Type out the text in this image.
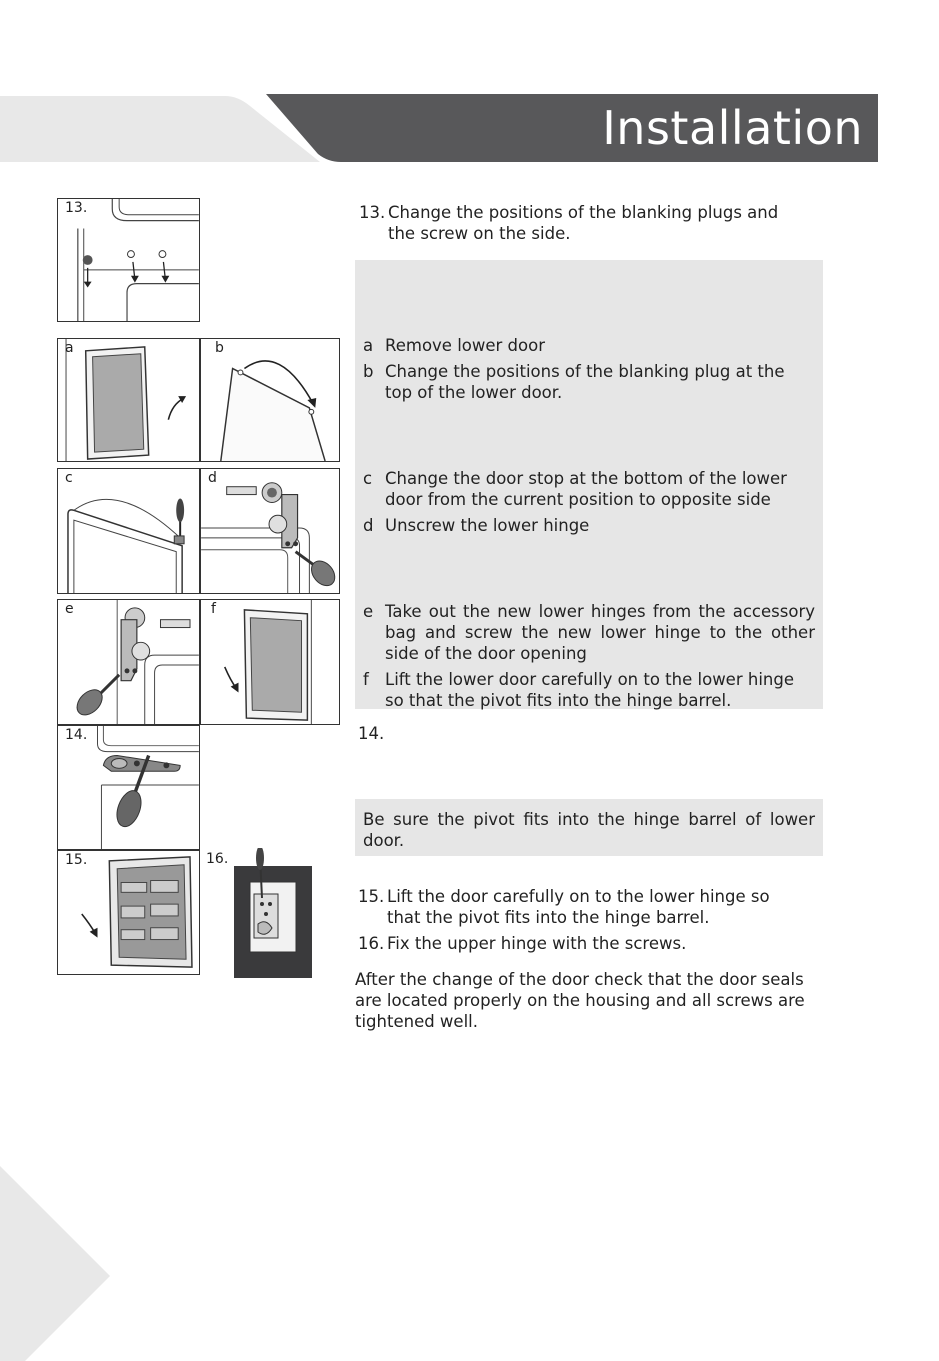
Installation
13.
a	b
c	d
e	f
14.
15.	16.
13. Change the positions of the blanking plugs and the screw on the side.
a Remove lower door
b Change the positions of the blanking plug at the top of the lower door.
c Change the door stop at the bottom of the lower door from the current position to opposite side
d Unscrew the lower hinge
e Take out the new lower hinges from the accessory bag and screw the new lower hinge to the other side of the door opening
f Lift the lower door carefully on to the lower hinge so that the pivot fits into the hinge barrel.
14.
Be sure the pivot fits into the hinge barrel of lower door.
15. Lift the door carefully on to the lower hinge so that the pivot fits into the hinge barrel.
16. Fix the upper hinge with the screws.
After the change of the door check that the door seals are located properly on the housing and all screws are tightened well.
